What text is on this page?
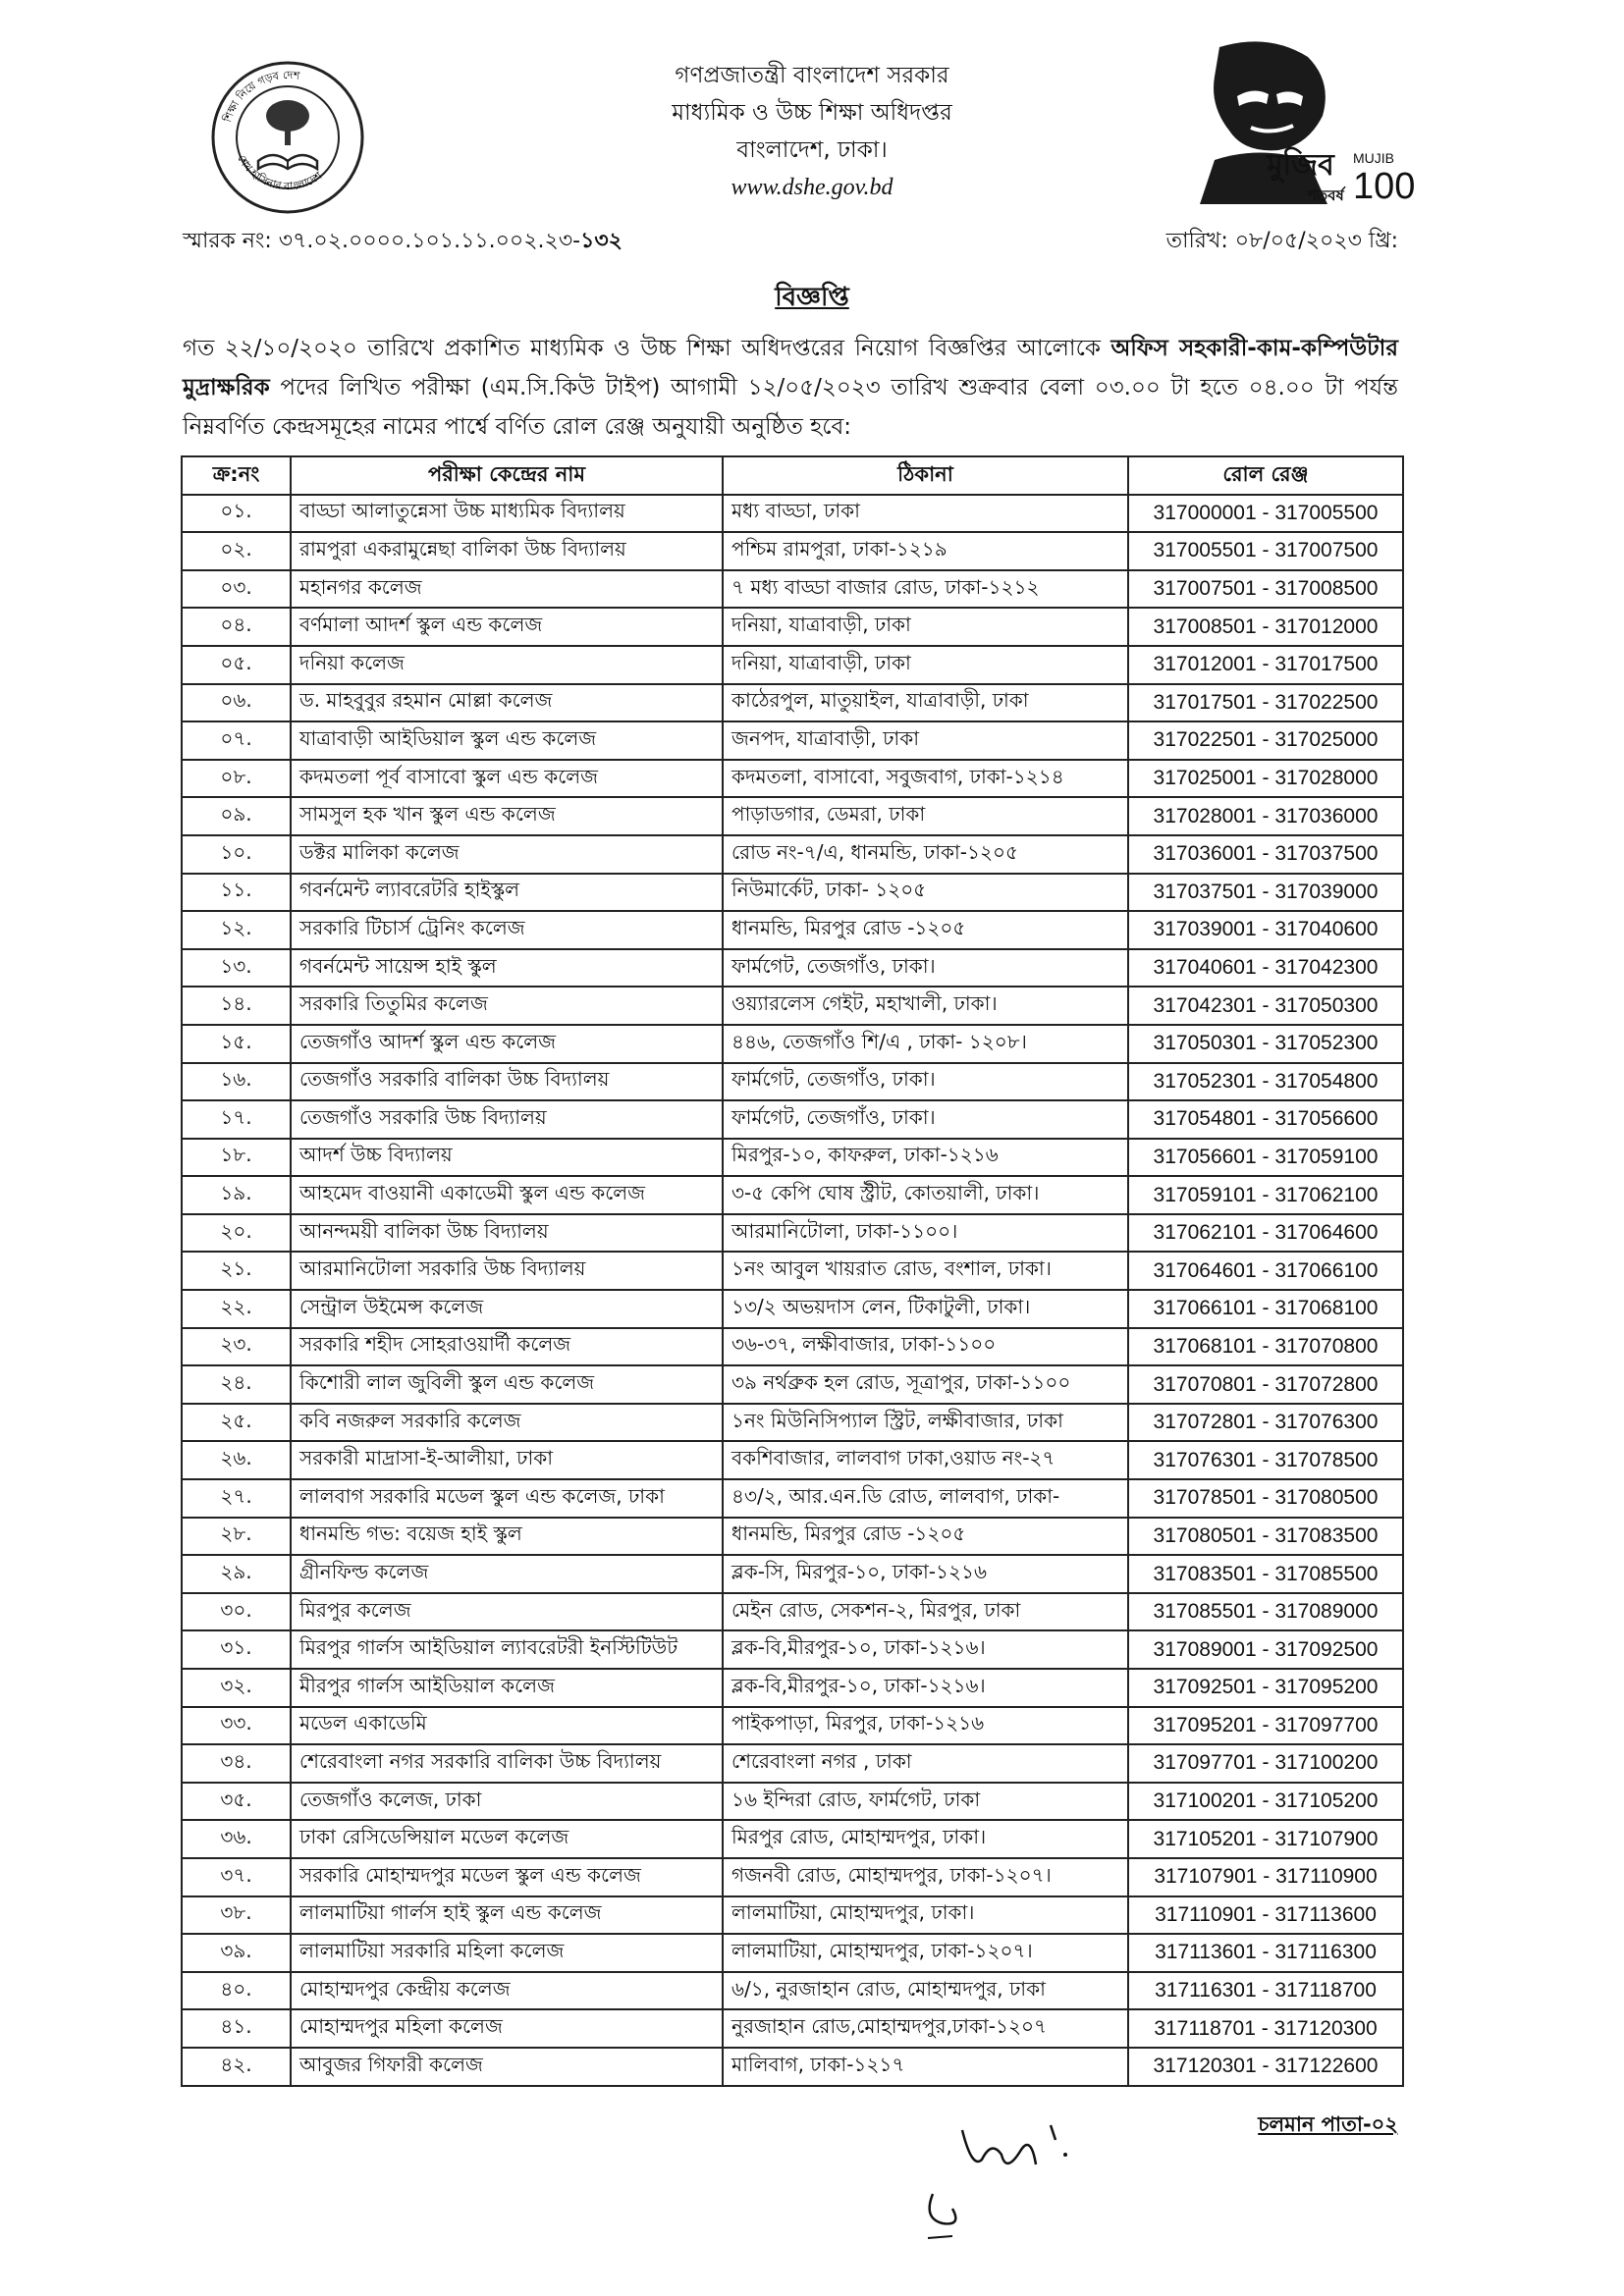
শিক্ষা নিয়ে গড়ব দেশ
শেখ হাসিনার বাংলাদেশ
গণপ্রজাতন্ত্রী বাংলাদেশ সরকার
মাধ্যমিক ও উচ্চ শিক্ষা অধিদপ্তর
বাংলাদেশ, ঢাকা।
www.dshe.gov.bd
মুজিব
শতবর্ষ
MUJIB
100
স্মারক নং: ৩৭.০২.০০০০.১০১.১১.০০২.২৩-১৩২	তারিখ: ০৮/০৫/২০২৩ খ্রি:
বিজ্ঞপ্তি
গত ২২/১০/২০২০ তারিখে প্রকাশিত মাধ্যমিক ও উচ্চ শিক্ষা অধিদপ্তরের নিয়োগ বিজ্ঞপ্তির আলোকে অফিস সহকারী-কাম-কম্পিউটার মুদ্রাক্ষরিক পদের লিখিত পরীক্ষা (এম.সি.কিউ টাইপ) আগামী ১২/০৫/২০২৩ তারিখ শুক্রবার বেলা ০৩.০০ টা হতে ০৪.০০ টা পর্যন্ত নিম্নবর্ণিত কেন্দ্রসমূহের নামের পার্শ্বে বর্ণিত রোল রেঞ্জ অনুযায়ী অনুষ্ঠিত হবে:
ক্র:নং	পরীক্ষা কেন্দ্রের নাম	ঠিকানা	রোল রেঞ্জ
০১.	বাড্ডা আলাতুন্নেসা উচ্চ মাধ্যমিক বিদ্যালয়	মধ্য বাড্ডা, ঢাকা	317000001 - 317005500
০২.	রামপুরা একরামুন্নেছা বালিকা উচ্চ বিদ্যালয়	পশ্চিম রামপুরা, ঢাকা-১২১৯	317005501 - 317007500
০৩.	মহানগর কলেজ	৭ মধ্য বাড্ডা বাজার রোড, ঢাকা-১২১২	317007501 - 317008500
০৪.	বর্ণমালা আদর্শ স্কুল এন্ড কলেজ	দনিয়া, যাত্রাবাড়ী, ঢাকা	317008501 - 317012000
০৫.	দনিয়া কলেজ	দনিয়া, যাত্রাবাড়ী, ঢাকা	317012001 - 317017500
০৬.	ড. মাহবুবুর রহমান মোল্লা কলেজ	কাঠেরপুল, মাতুয়াইল, যাত্রাবাড়ী, ঢাকা	317017501 - 317022500
০৭.	যাত্রাবাড়ী আইডিয়াল স্কুল এন্ড কলেজ	জনপদ, যাত্রাবাড়ী, ঢাকা	317022501 - 317025000
০৮.	কদমতলা পূর্ব বাসাবো স্কুল এন্ড কলেজ	কদমতলা, বাসাবো, সবুজবাগ, ঢাকা-১২১৪	317025001 - 317028000
০৯.	সামসুল হক খান স্কুল এন্ড কলেজ	পাড়াডগার, ডেমরা, ঢাকা	317028001 - 317036000
১০.	ডক্টর মালিকা কলেজ	রোড নং-৭/এ, ধানমন্ডি, ঢাকা-১২০৫	317036001 - 317037500
১১.	গবর্নমেন্ট ল্যাবরেটরি হাইস্কুল	নিউমার্কেট, ঢাকা- ১২০৫	317037501 - 317039000
১২.	সরকারি টিচার্স ট্রেনিং কলেজ	ধানমন্ডি, মিরপুর রোড -১২০৫	317039001 - 317040600
১৩.	গবর্নমেন্ট সায়েন্স হাই স্কুল	ফার্মগেট, তেজগাঁও, ঢাকা।	317040601 - 317042300
১৪.	সরকারি তিতুমির কলেজ	ওয়্যারলেস গেইট, মহাখালী, ঢাকা।	317042301 - 317050300
১৫.	তেজগাঁও আদর্শ স্কুল এন্ড কলেজ	৪৪৬, তেজগাঁও শি/এ , ঢাকা- ১২০৮।	317050301 - 317052300
১৬.	তেজগাঁও সরকারি বালিকা উচ্চ বিদ্যালয়	ফার্মগেট, তেজগাঁও, ঢাকা।	317052301 - 317054800
১৭.	তেজগাঁও সরকারি উচ্চ বিদ্যালয়	ফার্মগেট, তেজগাঁও, ঢাকা।	317054801 - 317056600
১৮.	আদর্শ উচ্চ বিদ্যালয়	মিরপুর-১০, কাফরুল, ঢাকা-১২১৬	317056601 - 317059100
১৯.	আহমেদ বাওয়ানী একাডেমী স্কুল এন্ড কলেজ	৩-৫ কেপি ঘোষ স্ট্রীট, কোতয়ালী, ঢাকা।	317059101 - 317062100
২০.	আনন্দময়ী বালিকা উচ্চ বিদ্যালয়	আরমানিটোলা, ঢাকা-১১০০।	317062101 - 317064600
২১.	আরমানিটোলা সরকারি উচ্চ বিদ্যালয়	১নং আবুল খায়রাত রোড, বংশাল, ঢাকা।	317064601 - 317066100
২২.	সেন্ট্রাল উইমেন্স কলেজ	১৩/২ অভয়দাস লেন, টিকাটুলী, ঢাকা।	317066101 - 317068100
২৩.	সরকারি শহীদ সোহরাওয়ার্দী কলেজ	৩৬-৩৭, লক্ষীবাজার, ঢাকা-১১০০	317068101 - 317070800
২৪.	কিশোরী লাল জুবিলী স্কুল এন্ড কলেজ	৩৯ নর্থব্রুক হল রোড, সূত্রাপুর, ঢাকা-১১০০	317070801 - 317072800
২৫.	কবি নজরুল সরকারি কলেজ	১নং মিউনিসিপ্যাল স্ট্রিট, লক্ষীবাজার, ঢাকা	317072801 - 317076300
২৬.	সরকারী মাদ্রাসা-ই-আলীয়া, ঢাকা	বকশিবাজার, লালবাগ ঢাকা,ওয়াড নং-২৭	317076301 - 317078500
২৭.	লালবাগ সরকারি মডেল স্কুল এন্ড কলেজ, ঢাকা	৪৩/২, আর.এন.ডি রোড, লালবাগ, ঢাকা-	317078501 - 317080500
২৮.	ধানমন্ডি গভ: বয়েজ হাই স্কুল	ধানমন্ডি, মিরপুর রোড -১২০৫	317080501 - 317083500
২৯.	গ্রীনফিল্ড কলেজ	ব্লক-সি, মিরপুর-১০, ঢাকা-১২১৬	317083501 - 317085500
৩০.	মিরপুর কলেজ	মেইন রোড, সেকশন-২, মিরপুর, ঢাকা	317085501 - 317089000
৩১.	মিরপুর গার্লস আইডিয়াল ল্যাবরেটরী ইনস্টিটিউট	ব্লক-বি,মীরপুর-১০, ঢাকা-১২১৬।	317089001 - 317092500
৩২.	মীরপুর গার্লস আইডিয়াল কলেজ	ব্লক-বি,মীরপুর-১০, ঢাকা-১২১৬।	317092501 - 317095200
৩৩.	মডেল একাডেমি	পাইকপাড়া, মিরপুর, ঢাকা-১২১৬	317095201 - 317097700
৩৪.	শেরেবাংলা নগর সরকারি বালিকা উচ্চ বিদ্যালয়	শেরেবাংলা নগর , ঢাকা	317097701 - 317100200
৩৫.	তেজগাঁও কলেজ, ঢাকা	১৬ ইন্দিরা রোড, ফার্মগেট, ঢাকা	317100201 - 317105200
৩৬.	ঢাকা রেসিডেন্সিয়াল মডেল কলেজ	মিরপুর রোড, মোহাম্মদপুর, ঢাকা।	317105201 - 317107900
৩৭.	সরকারি মোহাম্মদপুর মডেল স্কুল এন্ড কলেজ	গজনবী রোড, মোহাম্মদপুর, ঢাকা-১২০৭।	317107901 - 317110900
৩৮.	লালমাটিয়া গার্লস হাই স্কুল এন্ড কলেজ	লালমাটিয়া, মোহাম্মদপুর, ঢাকা।	317110901 - 317113600
৩৯.	লালমাটিয়া সরকারি মহিলা কলেজ	লালমাটিয়া, মোহাম্মদপুর, ঢাকা-১২০৭।	317113601 - 317116300
৪০.	মোহাম্মদপুর কেন্দ্রীয় কলেজ	৬/১, নুরজাহান রোড, মোহাম্মদপুর, ঢাকা	317116301 - 317118700
৪১.	মোহাম্মদপুর মহিলা কলেজ	নুরজাহান রোড,মোহাম্মদপুর,ঢাকা-১২০৭	317118701 - 317120300
৪২.	আবুজর গিফারী কলেজ	মালিবাগ, ঢাকা-১২১৭	317120301 - 317122600
চলমান পাতা-০২
